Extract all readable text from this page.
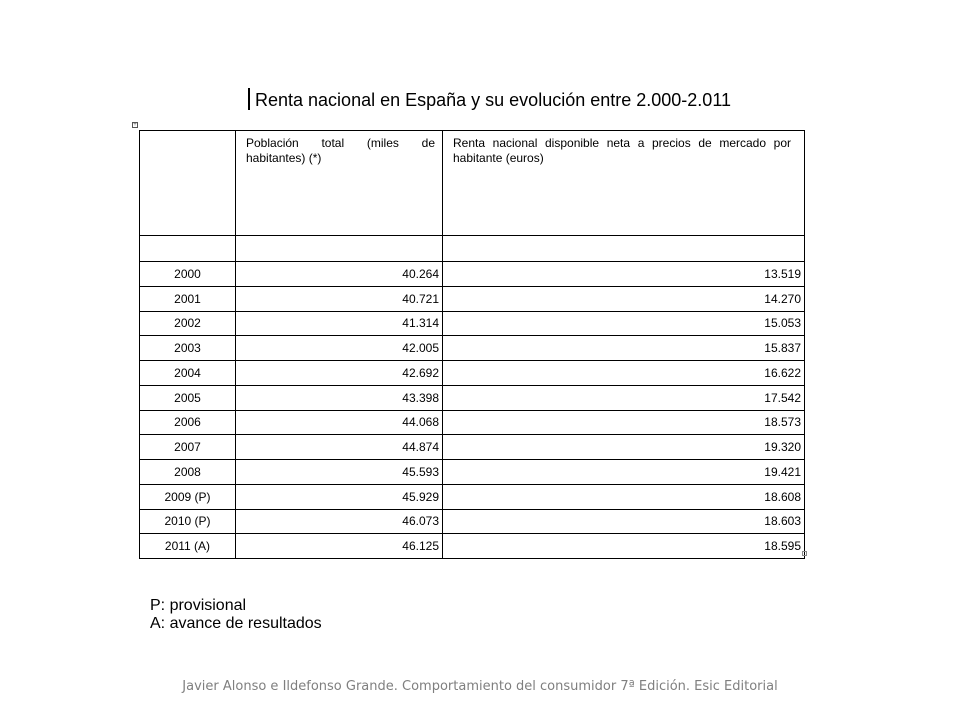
Renta nacional en España y su evolución entre 2.000-2.011
+

	Población total (miles de habitantes) (*)	Renta nacional disponible neta a precios de mercado por habitante (euros)

2000	40.264	13.519
2001	40.721	14.270
2002	41.314	15.053
2003	42.005	15.837
2004	42.692	16.622
2005	43.398	17.542
2006	44.068	18.573
2007	44.874	19.320
2008	45.593	19.421
2009 (P)	45.929	18.608
2010 (P)	46.073	18.603
2011 (A)	46.125	18.595
P: provisional
A: avance de resultados
Javier Alonso e Ildefonso Grande. Comportamiento del consumidor 7ª Edición. Esic Editorial
